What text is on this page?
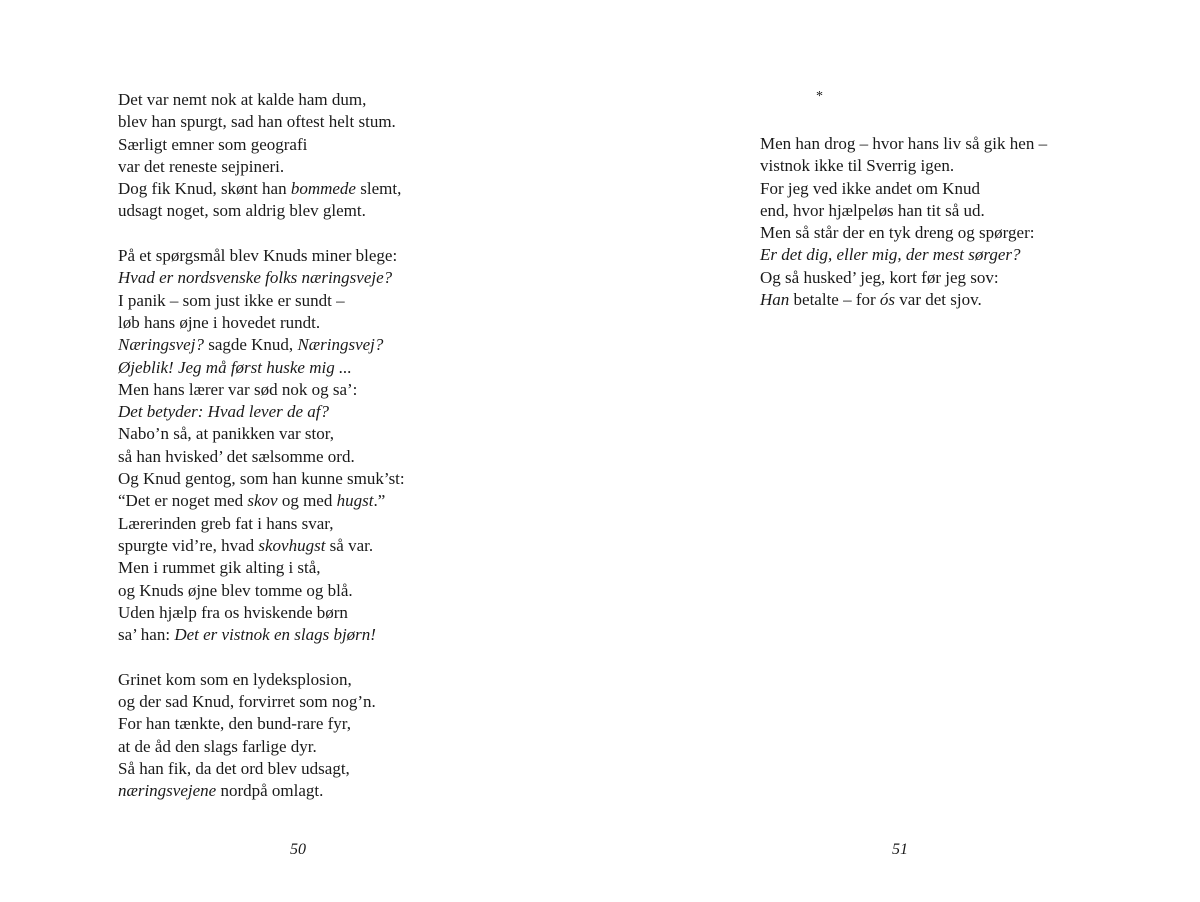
Det var nemt nok at kalde ham dum,
blev han spurgt, sad han oftest helt stum.
Særligt emner som geografi
var det reneste sejpineri.
Dog fik Knud, skønt han bommede slemt,
udsagt noget, som aldrig blev glemt.
På et spørgsmål blev Knuds miner blege:
Hvad er nordsvenske folks næringsveje?
I panik – som just ikke er sundt –
løb hans øjne i hovedet rundt.
Næringsvej? sagde Knud, Næringsvej?
Øjeblik! Jeg må først huske mig ...
Men hans lærer var sød nok og sa’:
Det betyder: Hvad lever de af?
Nabo’n så, at panikken var stor,
så han hvisked’ det sælsomme ord.
Og Knud gentog, som han kunne smuk’st:
“Det er noget med skov og med hugst.”
Lærerinden greb fat i hans svar,
spurgte vid’re, hvad skovhugst så var.
Men i rummet gik alting i stå,
og Knuds øjne blev tomme og blå.
Uden hjælp fra os hviskende børn
sa’ han: Det er vistnok en slags bjørn!
Grinet kom som en lydeksplosion,
og der sad Knud, forvirret som nog’n.
For han tænkte, den bund-rare fyr,
at de åd den slags farlige dyr.
Så han fik, da det ord blev udsagt,
næringsvejene nordpå omlagt.
50
*
Men han drog – hvor hans liv så gik hen –
vistnok ikke til Sverrig igen.
For jeg ved ikke andet om Knud
end, hvor hjælpeløs han tit så ud.
Men så står der en tyk dreng og spørger:
Er det dig, eller mig, der mest sørger?
Og så husked’ jeg, kort før jeg sov:
Han betalte – for ós var det sjov.
51
